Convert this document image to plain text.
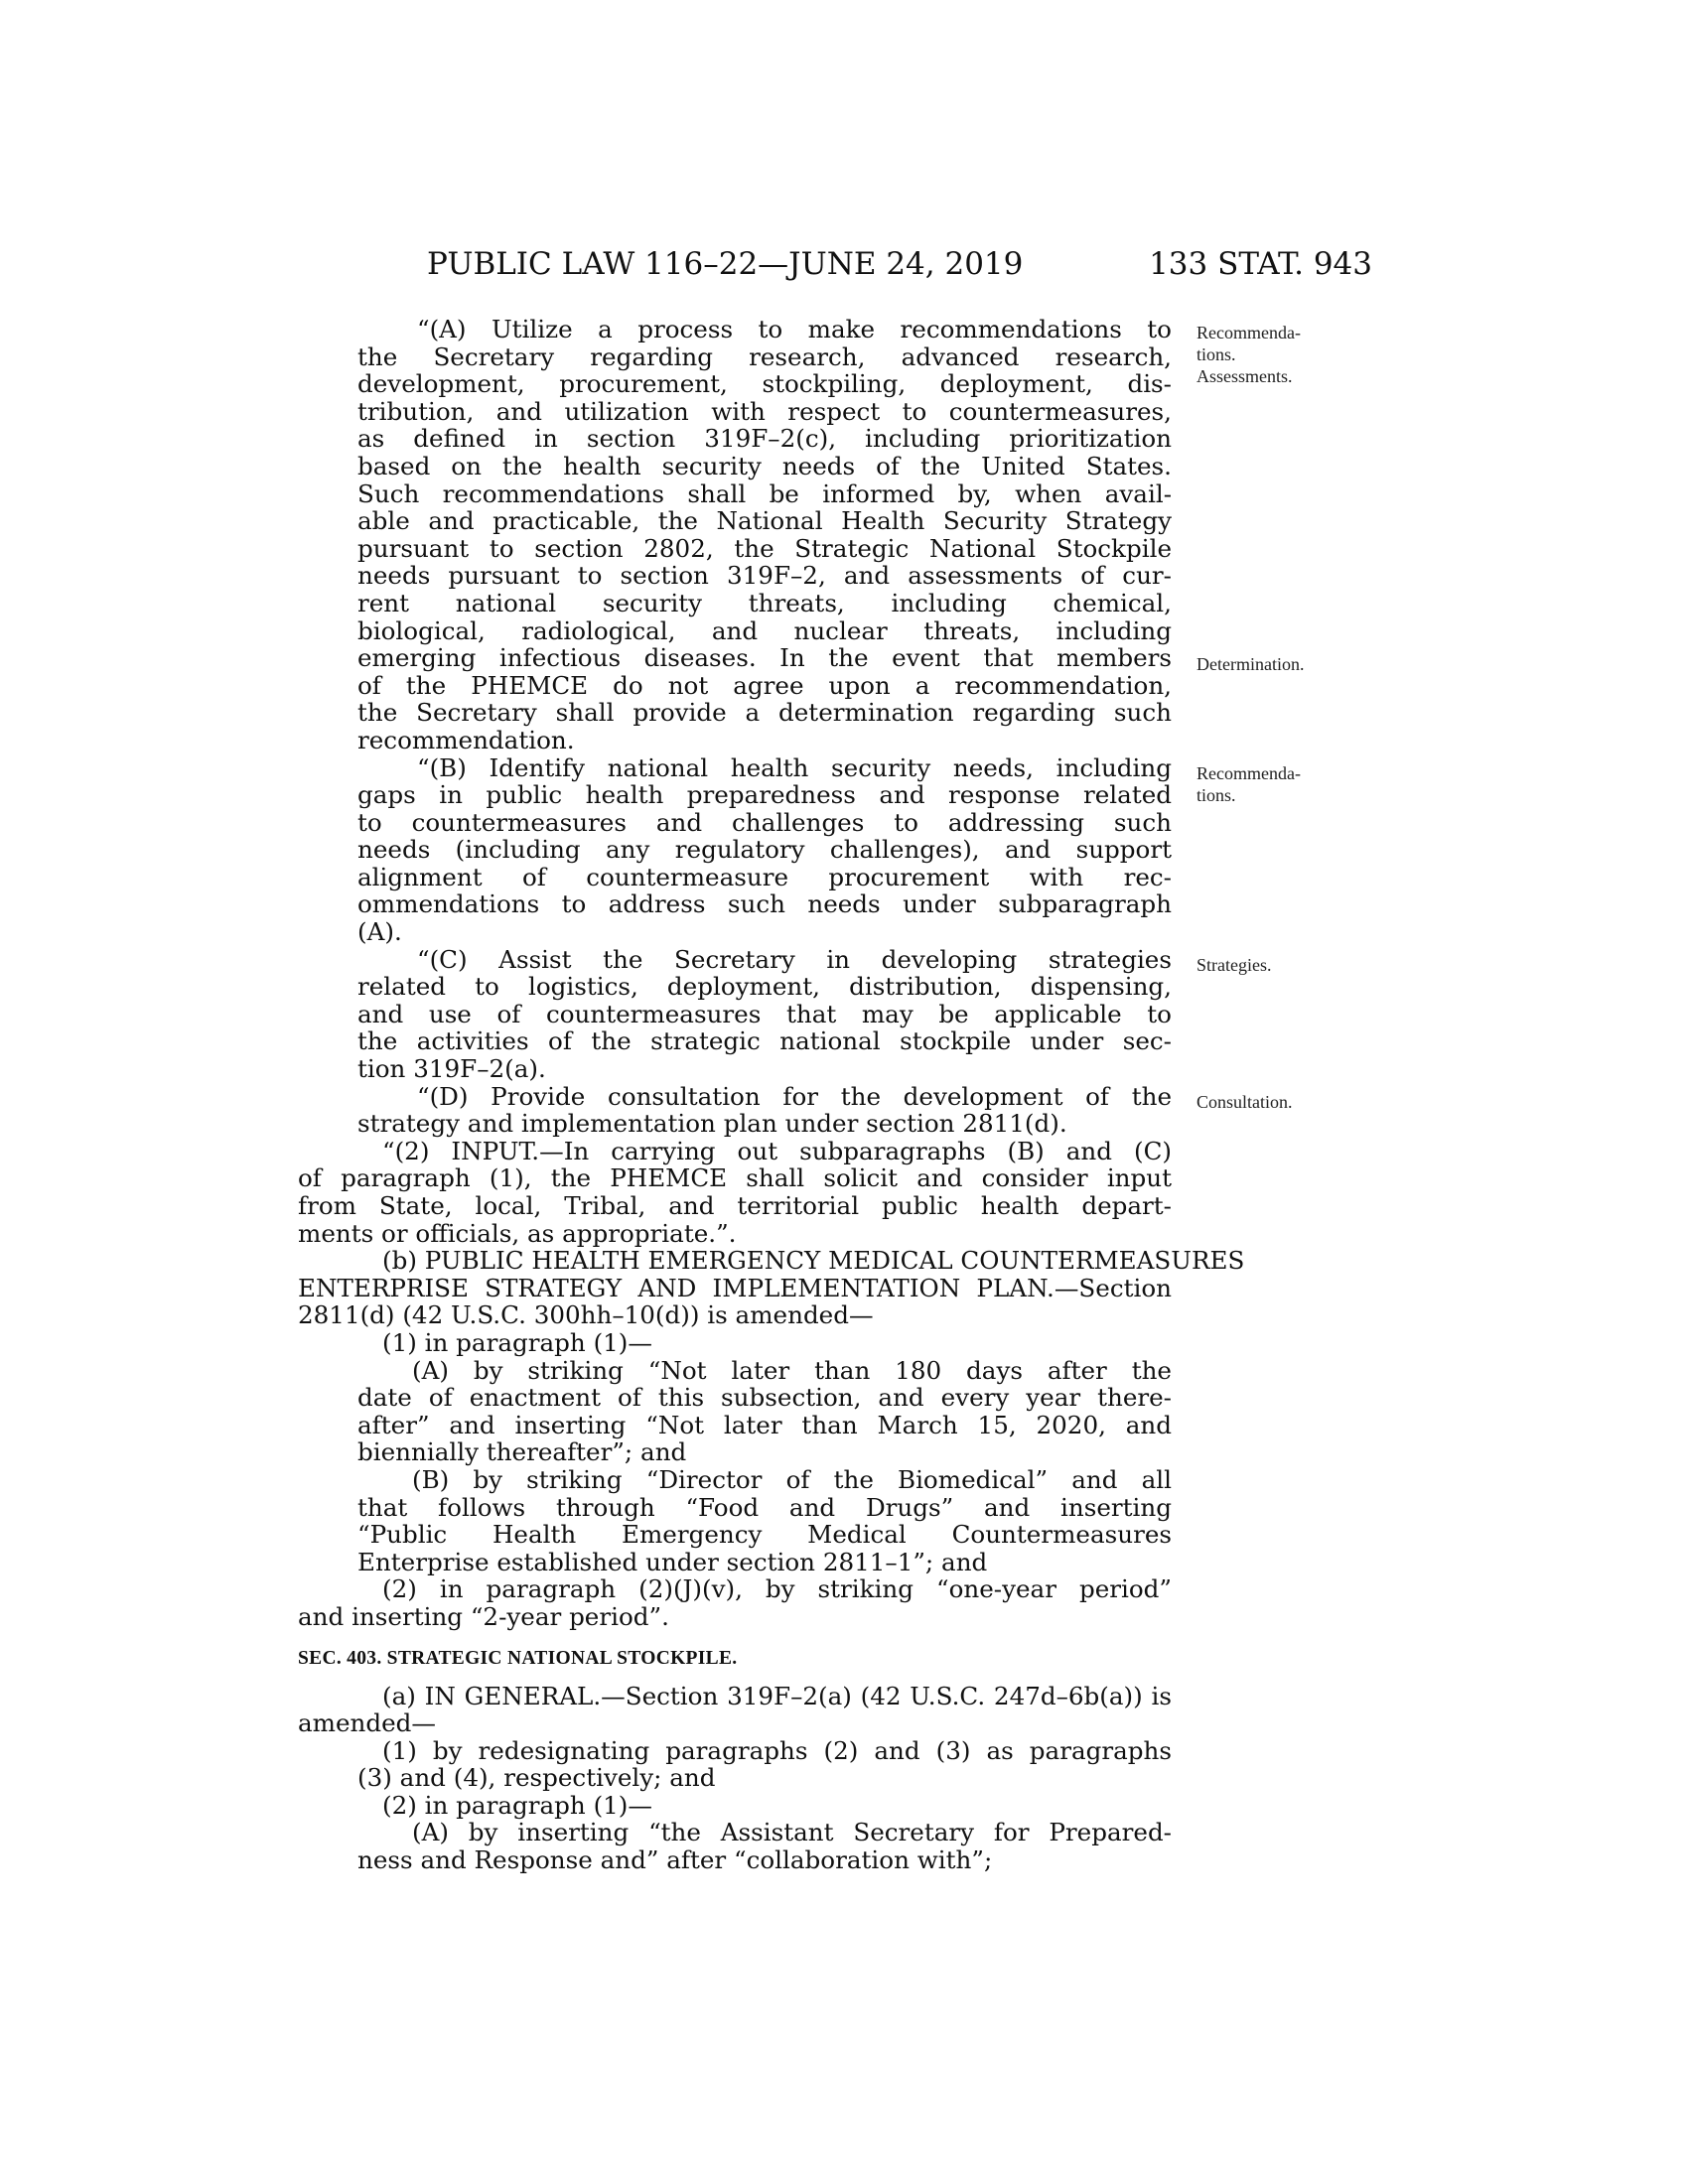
PUBLIC LAW 116–22—JUNE 24, 2019	133 STAT. 943
“(A) Utilize a process to make recommendations to
the Secretary regarding research, advanced research,
development, procurement, stockpiling, deployment, dis-
tribution, and utilization with respect to countermeasures,
as defined in section 319F–2(c), including prioritization
based on the health security needs of the United States.
Such recommendations shall be informed by, when avail-
able and practicable, the National Health Security Strategy
pursuant to section 2802, the Strategic National Stockpile
needs pursuant to section 319F–2, and assessments of cur-
rent national security threats, including chemical,
biological, radiological, and nuclear threats, including
emerging infectious diseases. In the event that members
of the PHEMCE do not agree upon a recommendation,
the Secretary shall provide a determination regarding such
recommendation.
“(B) Identify national health security needs, including
gaps in public health preparedness and response related
to countermeasures and challenges to addressing such
needs (including any regulatory challenges), and support
alignment of countermeasure procurement with rec-
ommendations to address such needs under subparagraph
(A).
“(C) Assist the Secretary in developing strategies
related to logistics, deployment, distribution, dispensing,
and use of countermeasures that may be applicable to
the activities of the strategic national stockpile under sec-
tion 319F–2(a).
“(D) Provide consultation for the development of the
strategy and implementation plan under section 2811(d).
“(2) INPUT.—In carrying out subparagraphs (B) and (C)
of paragraph (1), the PHEMCE shall solicit and consider input
from State, local, Tribal, and territorial public health depart-
ments or officials, as appropriate.”.
(b) PUBLIC HEALTH EMERGENCY MEDICAL COUNTERMEASURES
ENTERPRISE STRATEGY AND IMPLEMENTATION PLAN.—Section
2811(d) (42 U.S.C. 300hh–10(d)) is amended—
(1) in paragraph (1)—
(A) by striking “Not later than 180 days after the
date of enactment of this subsection, and every year there-
after” and inserting “Not later than March 15, 2020, and
biennially thereafter”; and
(B) by striking “Director of the Biomedical” and all
that follows through “Food and Drugs” and inserting
“Public Health Emergency Medical Countermeasures
Enterprise established under section 2811–1”; and
(2) in paragraph (2)(J)(v), by striking “one-year period”
and inserting “2-year period”.
SEC. 403. STRATEGIC NATIONAL STOCKPILE.
(a) IN GENERAL.—Section 319F–2(a) (42 U.S.C. 247d–6b(a)) is
amended—
(1) by redesignating paragraphs (2) and (3) as paragraphs
(3) and (4), respectively; and
(2) in paragraph (1)—
(A) by inserting “the Assistant Secretary for Prepared-
ness and Response and” after “collaboration with”;
Recommenda-
tions.
Assessments.
Determination.
Recommenda-
tions.
Strategies.
Consultation.
